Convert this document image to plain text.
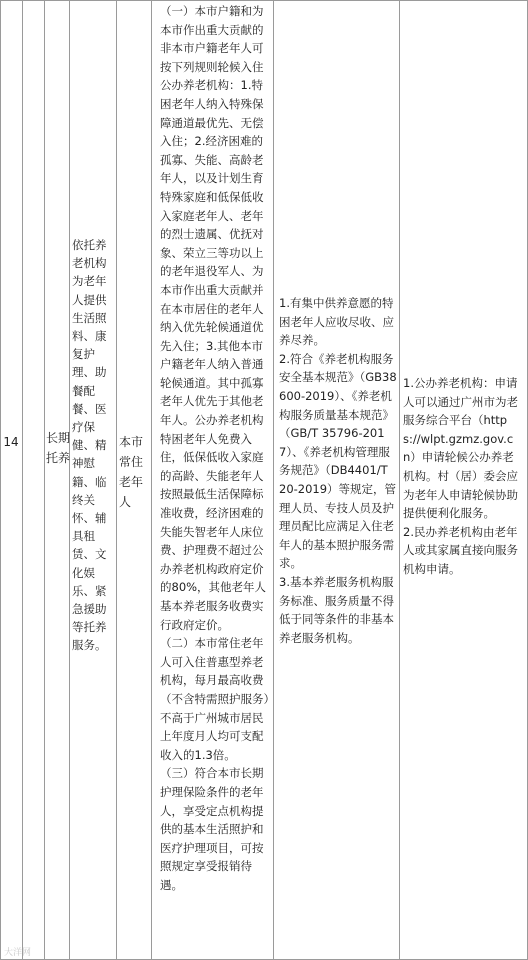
14 长期托养
依托养老机构为老年人提供生活照料、康复护理、助餐配餐、医疗保健、精神慰籍、临终关怀、辅具租赁、文化娱乐、紧急援助等托养服务。
本市常住老年人

（一）本市户籍和为本市作出重大贡献的非本市户籍老年人可按下列规则轮候入住公办养老机构：1.特困老年人纳入特殊保障通道最优先、无偿入住；2.经济困难的孤寡、失能、高龄老年人，以及计划生育特殊家庭和低保低收入家庭老年人、老年的烈士遗属、优抚对象、荣立三等功以上的老年退役军人、为本市作出重大贡献并在本市居住的老年人纳入优先轮候通道优先入住；3.其他本市户籍老年人纳入普通轮候通道。其中孤寡老年人优先于其他老年人。公办养老机构特困老年人免费入住，低保低收入家庭的高龄、失能老年人按照最低生活保障标准收费，经济困难的失能失智老年人床位费、护理费不超过公办养老机构政府定价的80%，其他老年人基本养老服务收费实行政府定价。

（二）本市常住老年人可入住普惠型养老机构，每月最高收费（不含特需照护服务）不高于广州城市居民上年度月人均可支配收入的1.3倍。

（三）符合本市长期护理保险条件的老年人，享受定点机构提供的基本生活照护和医疗护理项目，可按照规定享受报销待遇。

1.有集中供养意愿的特困老年人应收尽收、应养尽养。

2.符合《养老机构服务安全基本规范》（GB38600-2019）、《养老机构服务质量基本规范》（GB/T 35796-2017）、《养老机构管理服务规范》（DB4401/T 20-2019）等规定，管理人员、专技人员及护理员配比应满足入住老年人的基本照护服务需求。

3.基本养老服务机构服务标准、服务质量不得低于同等条件的非基本养老服务机构。

1.公办养老机构：申请人可以通过广州市为老服务综合平台（https://wlpt.gzmz.gov.cn）申请轮候公办养老机构。村（居）委会应为老年人申请轮候协助提供便利化服务。

2.民办养老机构由老年人或其家属直接向服务机构申请。

大洋网
